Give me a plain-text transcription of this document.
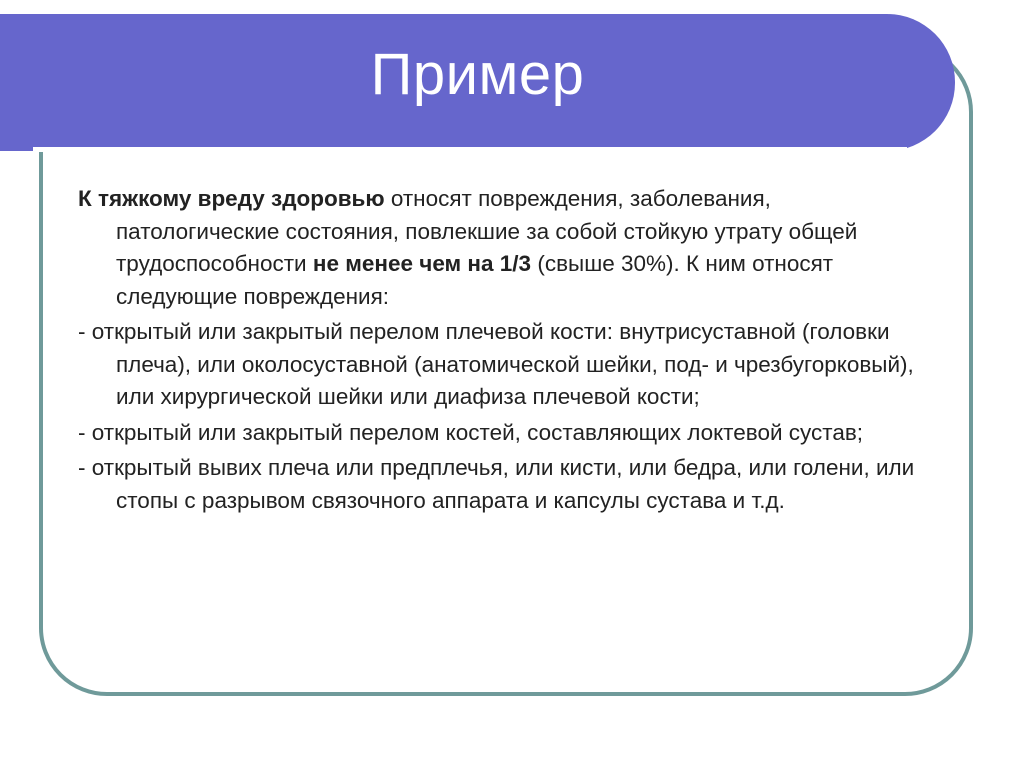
Пример

К тяжкому вреду здоровью относят повреждения, заболевания, патологические состояния, повлекшие за собой стойкую утрату общей трудоспособности не менее чем на 1/3 (свыше 30%). К ним относят следующие повреждения:

- открытый или закрытый перелом плечевой кости: внутрисуставной (головки плеча), или околосуставной (анатомической шейки, под- и чрезбугорковый), или хирургической шейки или диафиза плечевой кости;

- открытый или закрытый перелом костей, составляющих локтевой сустав;

- открытый вывих плеча или предплечья, или кисти, или бедра, или голени, или стопы с разрывом связочного аппарата и капсулы сустава и т.д.
